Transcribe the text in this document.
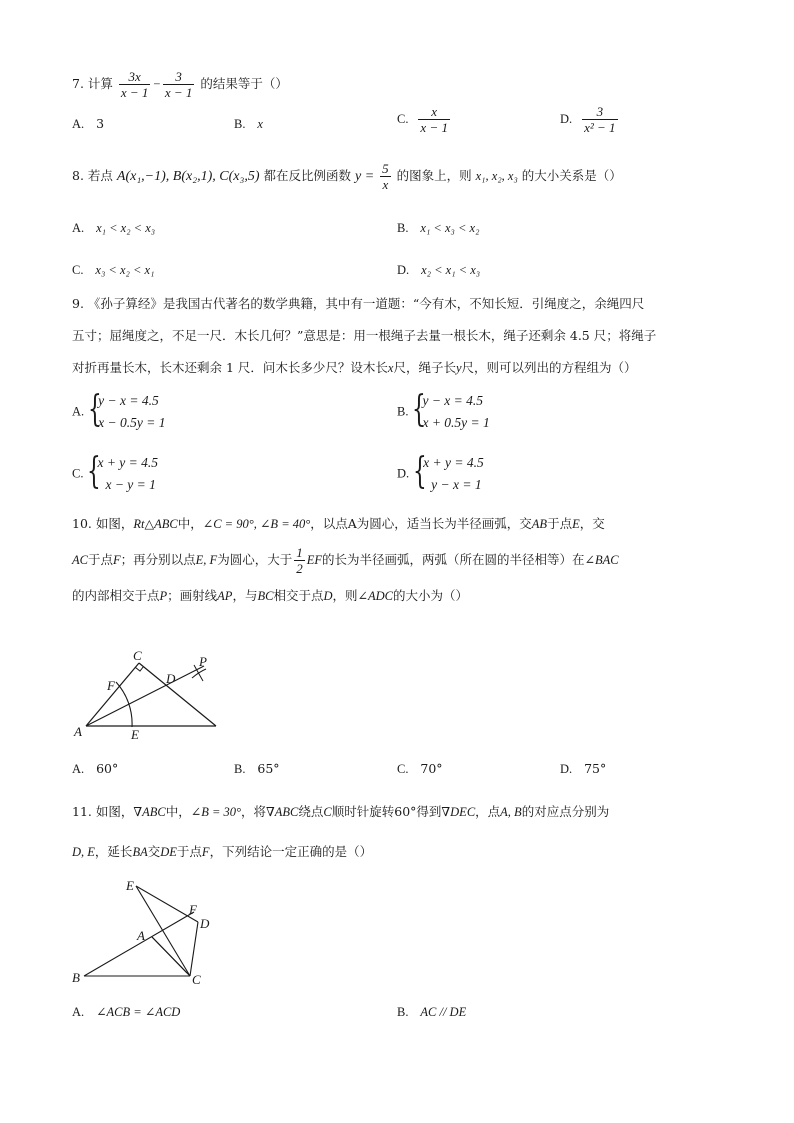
7. 计算 $\frac{3x}{x - 1} - \frac{3}{x - 1}$ 的结果等于（）
A. 3	B. x	C. $\frac{x}{x - 1}$	D. $\frac{3}{\text{x² − 1}}$
8. 若点 A(x₁,−1), B(x₂,1), C(x₃,5) 都在反比例函数 $y = \frac{5}{x}$ 的图象上，则 x₁, x₂, x₃ 的大小关系是（）
A. x₁ < x₂ < x₃	B. x₁ < x₃ < x₂
C. x₃ < x₂ < x₁	D. x₂ < x₁ < x₃
9. 《孙子算经》是我国古代著名的数学典籍，其中有一道题：“今有木，不知长短．引绳度之，余绳四尺
五寸；屈绳度之，不足一尺．木长几何？”意思是：用一根绳子去量一根长木，绳子还剩余 4.5 尺；将绳子
对折再量长木，长木还剩余 1 尺．问木长多少尺？设木长x尺，绳子长y尺，则可以列出的方程组为（）
A. {
y − x = 4.5
x − 0.5y = 1
B. {
y − x = 4.5
x + 0.5y = 1
C. {
x + y = 4.5
x − y = 1
D. {
x + y = 4.5
y − x = 1
10. 如图，Rt△ABC中，∠C = 90°, ∠B = 40°，以点A为圆心，适当长为半径画弧，交AB于点E，交
AC于点F；再分别以点E, F为圆心，大于 $\frac{1}{2}$ EF的长为半径画弧，两弧（所在圆的半径相等）在∠BAC
的内部相交于点P；画射线AP，与BC相交于点D，则∠ADC的大小为（）
A
C
D
E
F
P
A. 60°	B. 65°	C. 70°	D. 75°
11. 如图，∇ABC中，∠B = 30°，将∇ABC绕点C顺时针旋转60°得到∇DEC，点A, B的对应点分别为
D, E，延长BA交DE于点F，下列结论一定正确的是（）
E
F
D
A
B	C
A. ∠ACB = ∠ACD	B. AC // DE
